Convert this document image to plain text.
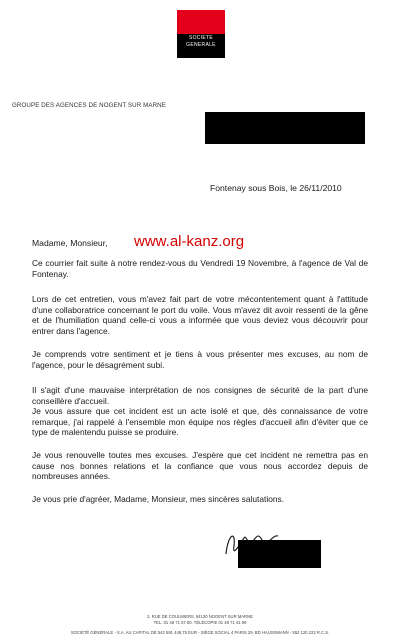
SOCIETE
GENERALE
GROUPE DES AGENCES DE NOGENT SUR MARNE
Fontenay sous Bois, le 26/11/2010
Madame, Monsieur, www.al-kanz.org
Ce courrier fait suite à notre rendez-vous du Vendredi 19 Novembre, à l'agence de Val de Fontenay.
Lors de cet entretien, vous m'avez fait part de votre mécontentement quant à l'attitude d'une collaboratrice concernant le port du voile. Vous m'avez dit avoir ressenti de la gêne et de l'humiliation quand celle-ci vous a informée que vous deviez vous découvrir pour entrer dans l'agence.
Je comprends votre sentiment et je tiens à vous présenter mes excuses, au nom de l'agence, pour le désagrément subi.
Il s'agit d'une mauvaise interprétation de nos consignes de sécurité de la part d'une conseillère d'accueil.
Je vous assure que cet incident est un acte isolé et que, dès connaissance de votre remarque, j'ai rappelé à l'ensemble mon équipe nos règles d'accueil afin d'éviter que ce type de malentendu puisse se produire.
Je vous renouvelle toutes mes excuses. J'espère que cet incident ne remettra pas en cause nos bonnes relations et la confiance que vous nous accordez depuis de nombreuses années.
Je vous prie d'agréer, Madame, Monsieur, mes sincères salutations.
2, RUE DE COULMIERS, 94130 NOGENT SUR MARNE
TEL. 01 48 71 57 00. TÉLÉCOPIE 01 48 71 41 99
SOCIÉTÉ GÉNÉRALE - S.A. AU CAPITAL DE 542 691 448,75 EUR - SIÈGE SOCIAL 4 PARIS 29, BD HAUSSMANN - 552 120 222 R.C.S.
